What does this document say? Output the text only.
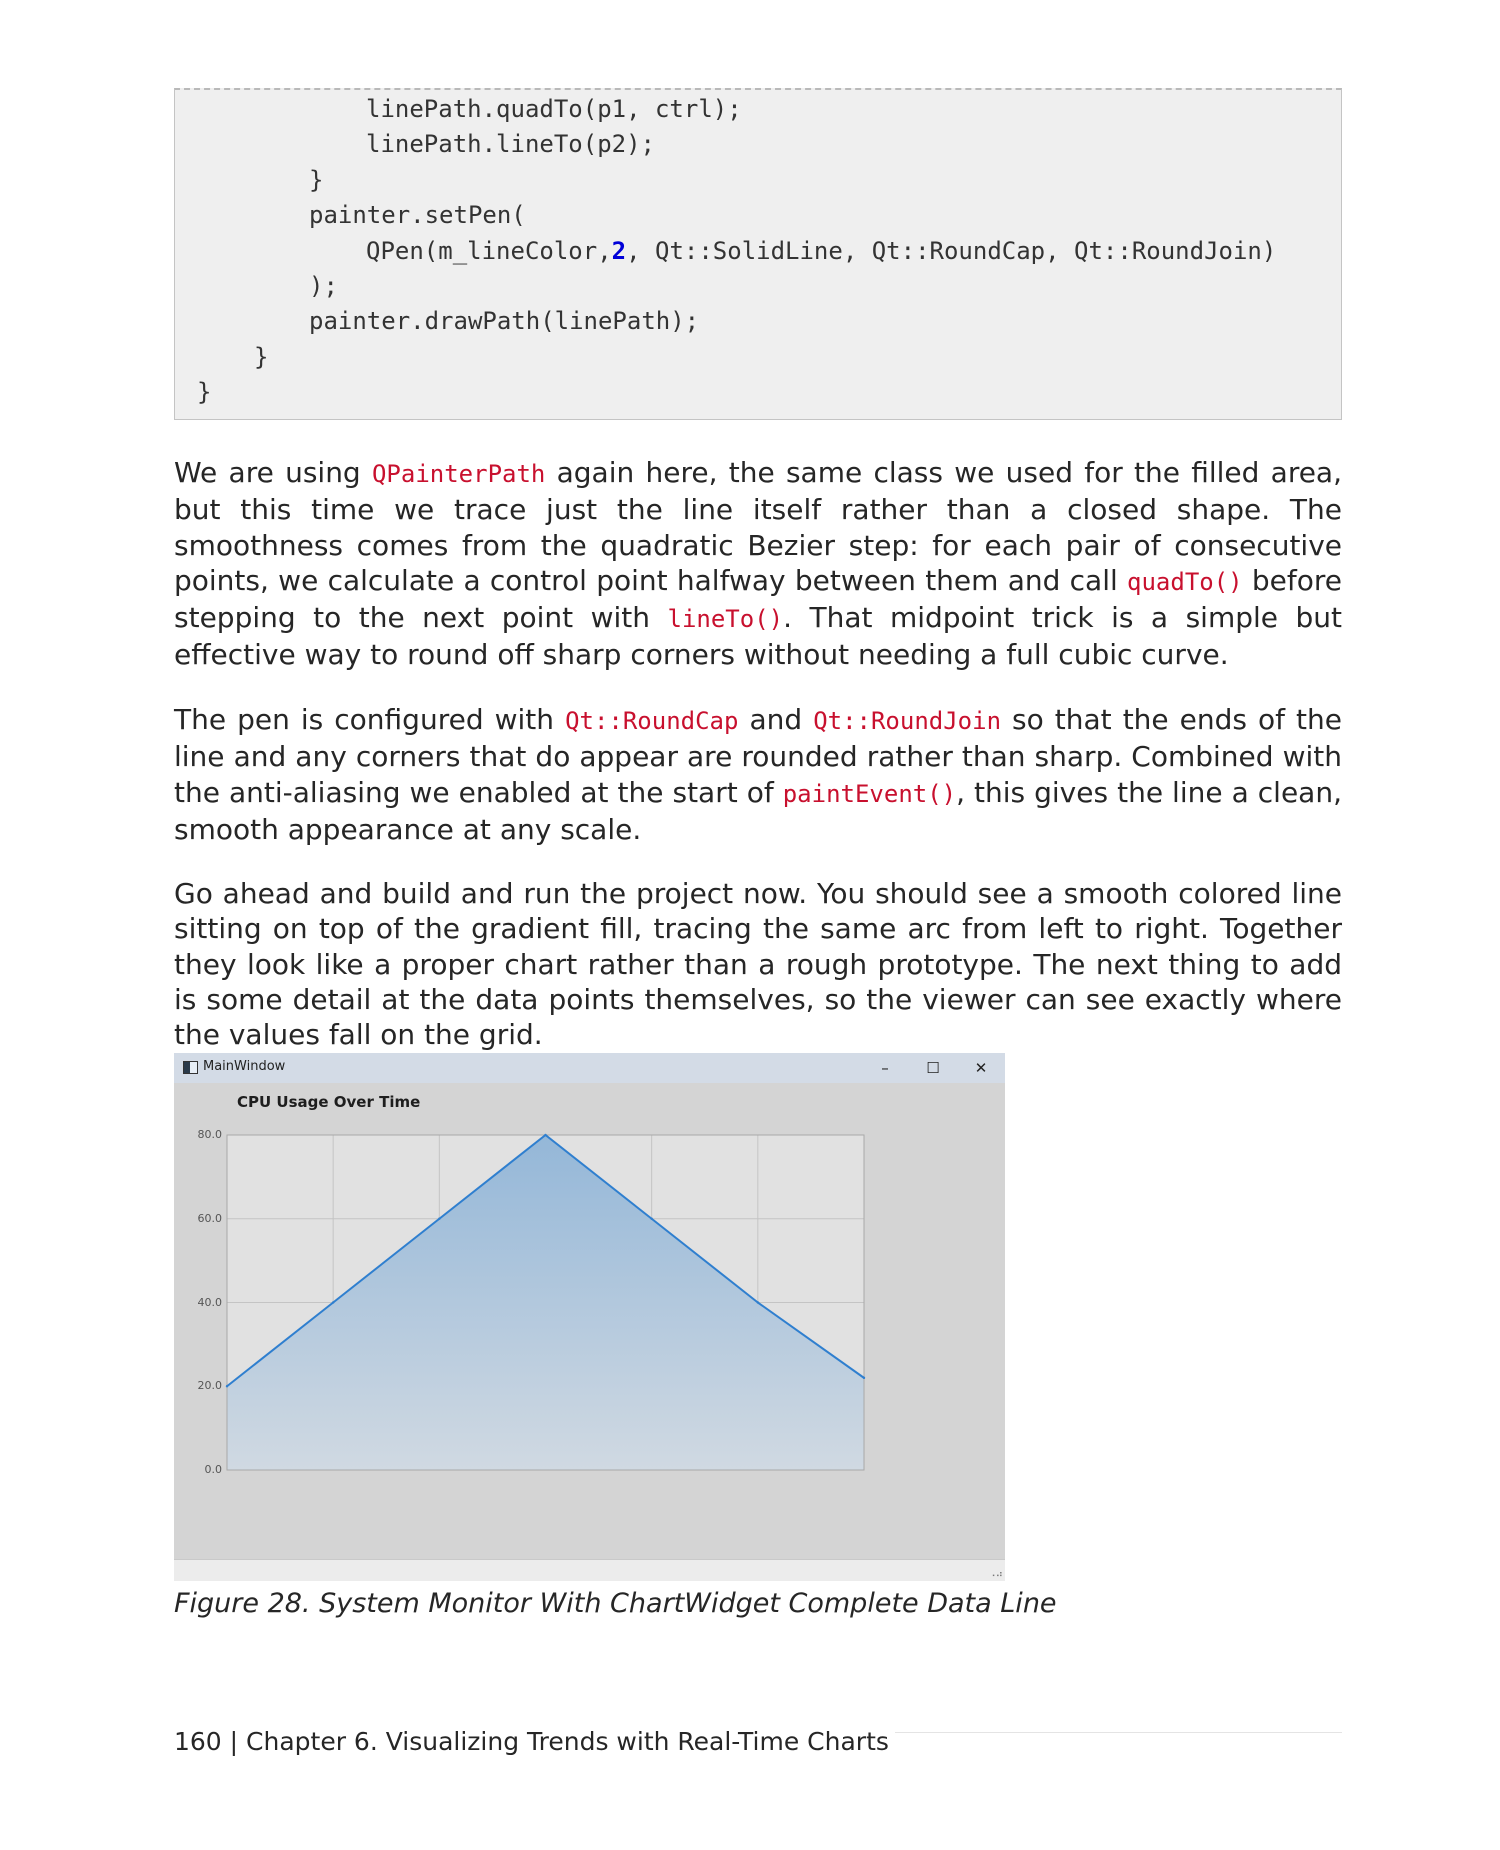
linePath.quadTo(p1, ctrl);
linePath.lineTo(p2);
}
painter.setPen(
QPen(m_lineColor,2, Qt::SolidLine, Qt::RoundCap, Qt::RoundJoin)
);
painter.drawPath(linePath);
}
}

We are using QPainterPath again here, the same class we used for the filled area, but this time we trace just the line itself rather than a closed shape. The smoothness comes from the quadratic Bezier step: for each pair of consecutive points, we calculate a control point halfway between them and call quadTo() before stepping to the next point with lineTo(). That midpoint trick is a simple but effective way to round off sharp corners without needing a full cubic curve.

The pen is configured with Qt::RoundCap and Qt::RoundJoin so that the ends of the line and any corners that do appear are rounded rather than sharp. Combined with the anti-aliasing we enabled at the start of paintEvent(), this gives the line a clean, smooth appearance at any scale.

Go ahead and build and run the project now. You should see a smooth colored line sitting on top of the gradient fill, tracing the same arc from left to right. Together they look like a proper chart rather than a rough prototype. The next thing to add is some detail at the data points themselves, so the viewer can see exactly where the values fall on the grid.

MainWindow	–	☐	✕
CPU Usage Over Time
0.0
20.0
40.0
60.0
80.0
⠠⠴
Figure 28. System Monitor With ChartWidget Complete Data Line
160 | Chapter 6. Visualizing Trends with Real-Time Charts
